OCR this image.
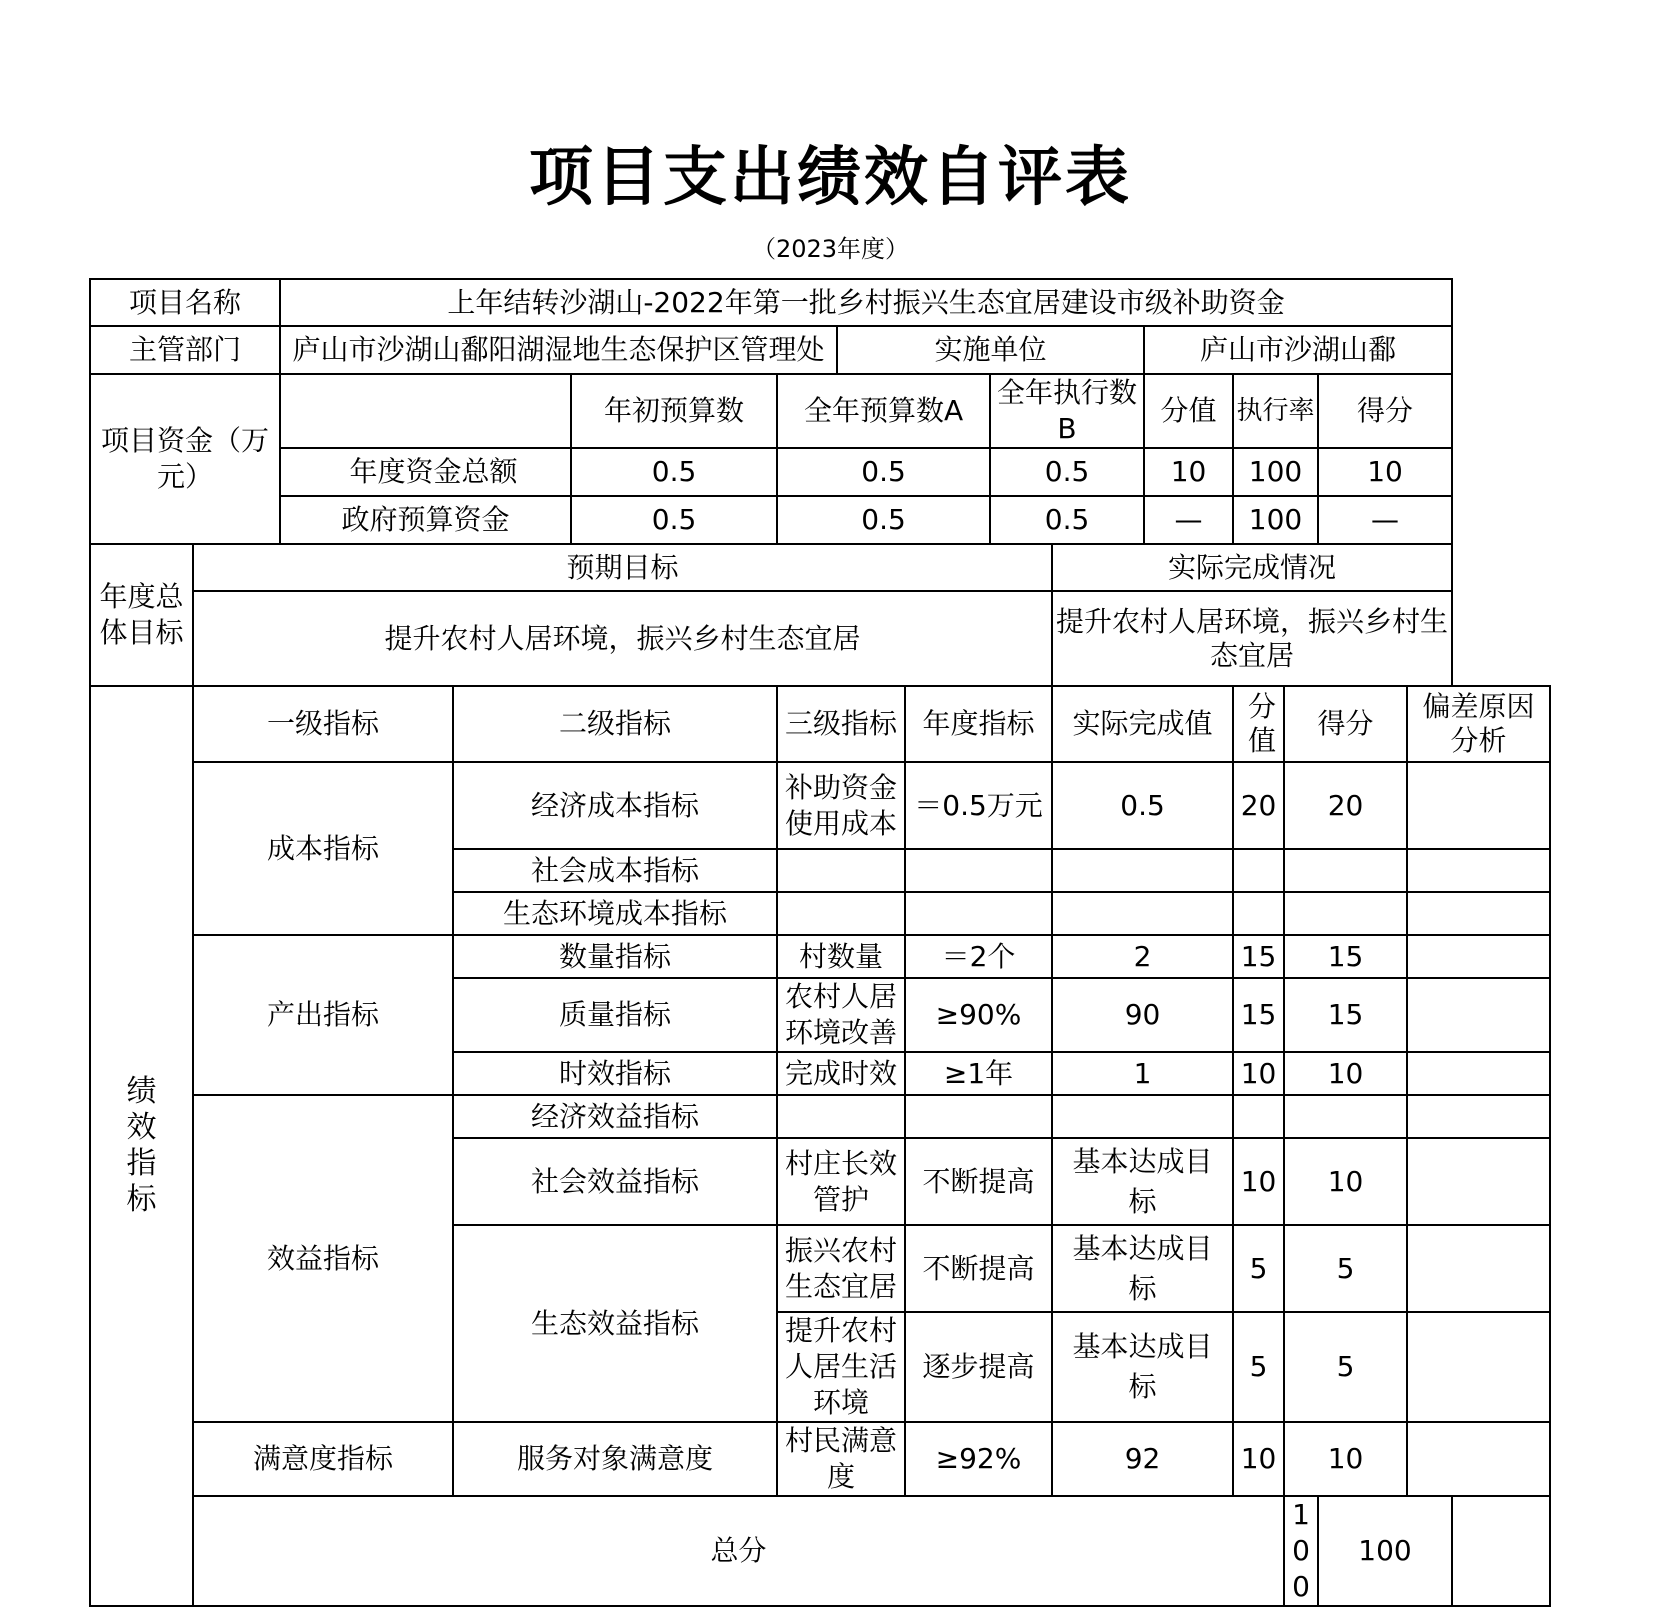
项目支出绩效自评表
（2023年度）
项目名称		上年结转沙湖山-2022年第一批乡村振兴生态宜居建设市级补助资金													
主管部门		庐山市沙湖山鄱阳湖湿地生态保护区管理处				实施单位				庐山市沙湖山鄱					
项目资金（万元）				年初预算数	全年预算数A			全年执行数B		分值	执行率		得分		
		年度资金总额		0.5	0.5			0.5		10	100		10		
		政府预算资金		0.5	0.5			0.5		—	100		—		
年度总体目标	预期目标								实际完成情况						
	提升农村人居环境，振兴乡村生态宜居								提升农村人居环境，振兴乡村生态宜居						
绩效指标	一级指标		二级指标		三级指标		年度指标		实际完成值		分值	得分		偏差原因分析	
	成本指标		经济成本指标		补助资金使用成本		＝0.5万元		0.5		20	20			
			社会成本指标												
			生态环境成本指标												
	产出指标		数量指标		村数量		＝2个		2		15	15			
			质量指标		农村人居环境改善		≥90%		90		15	15			
			时效指标		完成时效		≥1年		1		10	10			
	效益指标		经济效益指标												
			社会效益指标		村庄长效管护		不断提高		基本达成目标		10	10			
			生态效益指标		振兴农村生态宜居		不断提高		基本达成目标		5	5			
					提升农村人居生活环境		逐步提高		基本达成目标		5	5			
	满意度指标		服务对象满意度		村民满意度		≥92%		92		10	10			
	总分											100	100		
